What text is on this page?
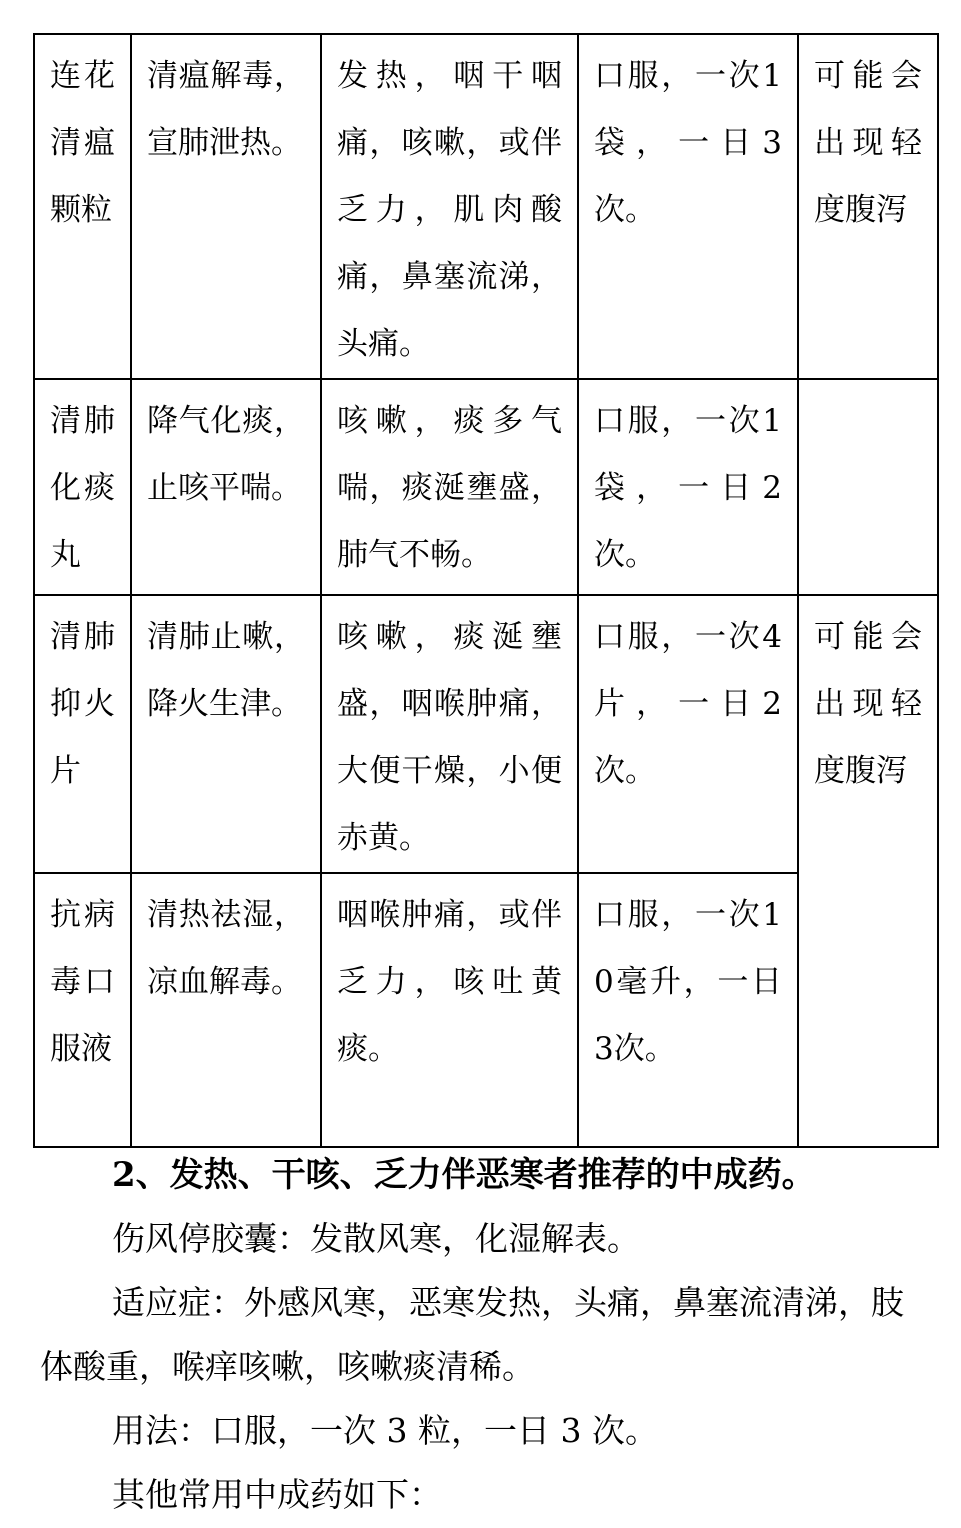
连花清瘟颗粒	清瘟解毒，宣肺泄热。	发热，咽干咽痛，咳嗽，或伴乏力，肌肉酸痛，鼻塞流涕，头痛。	口服，一次1袋，一日3次。	可能会出现轻度腹泻
清肺化痰丸	降气化痰，止咳平喘。	咳嗽，痰多气喘，痰涎壅盛，肺气不畅。	口服，一次1袋，一日2次。	
清肺抑火片	清肺止嗽，降火生津。	咳嗽，痰涎壅盛，咽喉肿痛，大便干燥，小便赤黄。	口服，一次4片，一日2次。	可能会出现轻度腹泻
抗病毒口服液	清热祛湿，凉血解毒。	咽喉肿痛，或伴乏力，咳吐黄痰。	口服，一次10毫升，一日3次。	

2、发热、干咳、乏力伴恶寒者推荐的中成药。

伤风停胶囊：发散风寒，化湿解表。

适应症：外感风寒，恶寒发热，头痛，鼻塞流清涕，肢体酸重，喉痒咳嗽，咳嗽痰清稀。

用法：口服，一次 3 粒，一日 3 次。

其他常用中成药如下：
